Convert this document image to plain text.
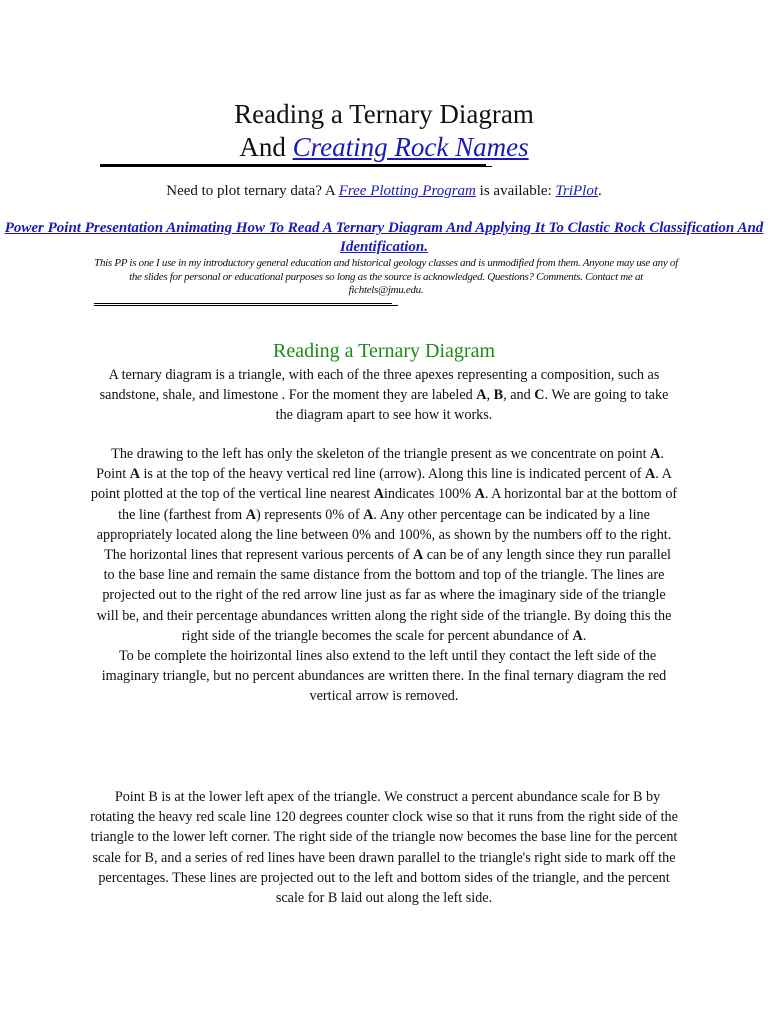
Reading a Ternary Diagram
And Creating Rock Names
Need to plot ternary data? A Free Plotting Program is available: TriPlot.
Power Point Presentation Animating How To Read A Ternary Diagram And Applying It To Clastic Rock Classification And Identification.
This PP is one I use in my introductory general education and historical geology classes and is unmodified from them. Anyone may use any of the slides for personal or educational purposes so long as the source is acknowledged. Questions? Comments. Contact me at fichtels@jmu.edu.
Reading a Ternary Diagram

A ternary diagram is a triangle, with each of the three apexes representing a composition, such as sandstone, shale, and limestone . For the moment they are labeled A, B, and C. We are going to take the diagram apart to see how it works.

The drawing to the left has only the skeleton of the triangle present as we concentrate on point A. Point A is at the top of the heavy vertical red line (arrow). Along this line is indicated percent of A. A point plotted at the top of the vertical line nearest Aindicates 100% A. A horizontal bar at the bottom of the line (farthest from A) represents 0% of A. Any other percentage can be indicated by a line appropriately located along the line between 0% and 100%, as shown by the numbers off to the right.

The horizontal lines that represent various percents of A can be of any length since they run parallel to the base line and remain the same distance from the bottom and top of the triangle. The lines are projected out to the right of the red arrow line just as far as where the imaginary side of the triangle will be, and their percentage abundances written along the right side of the triangle. By doing this the right side of the triangle becomes the scale for percent abundance of A.

To be complete the hoirizontal lines also extend to the left until they contact the left side of the imaginary triangle, but no percent abundances are written there. In the final ternary diagram the red vertical arrow is removed.

Point B is at the lower left apex of the triangle. We construct a percent abundance scale for B by rotating the heavy red scale line 120 degrees counter clock wise so that it runs from the right side of the triangle to the lower left corner. The right side of the triangle now becomes the base line for the percent scale for B, and a series of red lines have been drawn parallel to the triangle's right side to mark off the percentages. These lines are projected out to the left and bottom sides of the triangle, and the percent scale for B laid out along the left side.
